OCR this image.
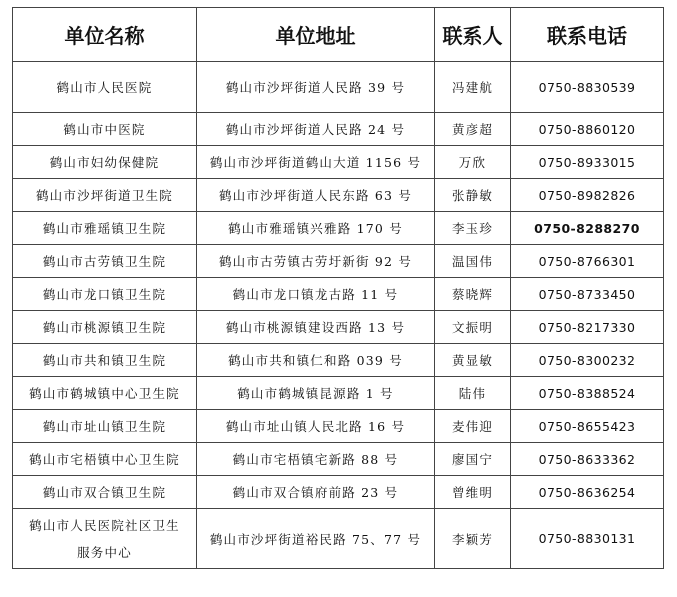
单位名称	单位地址	联系人	联系电话
鹤山市人民医院	鹤山市沙坪街道人民路 39 号	冯建航	0750-8830539
鹤山市中医院	鹤山市沙坪街道人民路 24 号	黄彦超	0750-8860120
鹤山市妇幼保健院	鹤山市沙坪街道鹤山大道 1156 号	万欣	0750-8933015
鹤山市沙坪街道卫生院	鹤山市沙坪街道人民东路 63 号	张静敏	0750-8982826
鹤山市雅瑶镇卫生院	鹤山市雅瑶镇兴雅路 170 号	李玉珍	0750-8288270
鹤山市古劳镇卫生院	鹤山市古劳镇古劳圩新街 92 号	温国伟	0750-8766301
鹤山市龙口镇卫生院	鹤山市龙口镇龙古路 11 号	蔡晓辉	0750-8733450
鹤山市桃源镇卫生院	鹤山市桃源镇建设西路 13 号	文振明	0750-8217330
鹤山市共和镇卫生院	鹤山市共和镇仁和路 039 号	黄显敏	0750-8300232
鹤山市鹤城镇中心卫生院	鹤山市鹤城镇昆源路 1 号	陆伟	0750-8388524
鹤山市址山镇卫生院	鹤山市址山镇人民北路 16 号	麦伟迎	0750-8655423
鹤山市宅梧镇中心卫生院	鹤山市宅梧镇宅新路 88 号	廖国宁	0750-8633362
鹤山市双合镇卫生院	鹤山市双合镇府前路 23 号	曾维明	0750-8636254

鹤山市人民医院社区卫生
服务中心	鹤山市沙坪街道裕民路 75、77 号	李颖芳	0750-8830131
